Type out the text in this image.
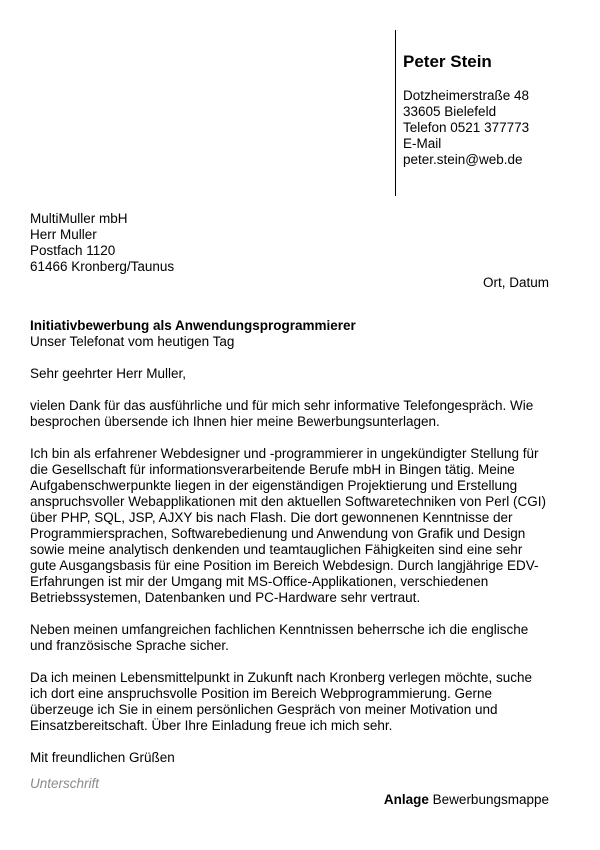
Peter Stein
Dotzheimerstraße 48
33605 Bielefeld
Telefon 0521 377773
E-Mail
peter.stein@web.de
MultiMuller mbH
Herr Muller
Postfach 1120
61466 Kronberg/Taunus
Ort, Datum
Initiativbewerbung als Anwendungsprogrammierer
Unser Telefonat vom heutigen Tag

Sehr geehrter Herr Muller,

vielen Dank für das ausführliche und für mich sehr informative Telefongespräch. Wie besprochen übersende ich Ihnen hier meine Bewerbungsunterlagen.

Ich bin als erfahrener Webdesigner und -programmierer in ungekündigter Stellung für die Gesellschaft für informationsverarbeitende Berufe mbH in Bingen tätig. Meine Aufgabenschwerpunkte liegen in der eigenständigen Projektierung und Erstellung anspruchsvoller Webapplikationen mit den aktuellen Softwaretechniken von Perl (CGI) über PHP, SQL, JSP, AJXY bis nach Flash. Die dort gewonnenen Kenntnisse der Programmiersprachen, Softwarebedienung und Anwendung von Grafik und Design sowie meine analytisch denkenden und teamtauglichen Fähigkeiten sind eine sehr gute Ausgangsbasis für eine Position im Bereich Webdesign. Durch langjährige EDV-Erfahrungen ist mir der Umgang mit MS-Office-Applikationen, verschiedenen Betriebssystemen, Datenbanken und PC-Hardware sehr vertraut.

Neben meinen umfangreichen fachlichen Kenntnissen beherrsche ich die englische und französische Sprache sicher.

Da ich meinen Lebensmittelpunkt in Zukunft nach Kronberg verlegen möchte, suche ich dort eine anspruchsvolle Position im Bereich Webprogrammierung. Gerne überzeuge ich Sie in einem persönlichen Gespräch von meiner Motivation und Einsatzbereitschaft. Über Ihre Einladung freue ich mich sehr.

Mit freundlichen Grüßen

Unterschrift
Anlage Bewerbungsmappe
